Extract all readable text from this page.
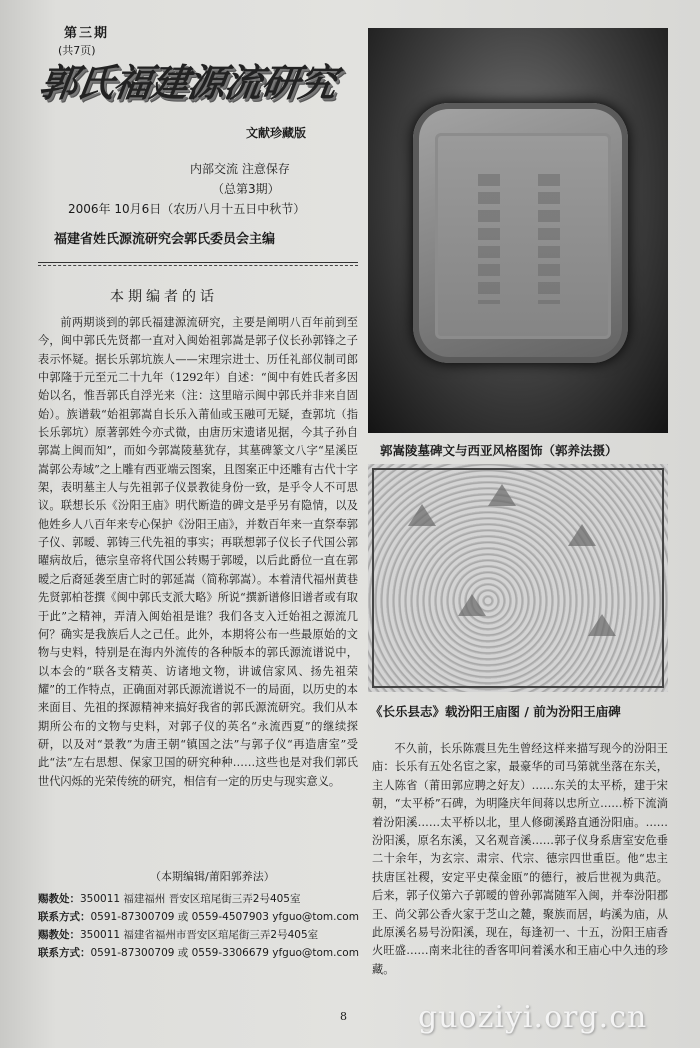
第三期
(共7页)
郭氏福建源流研究
文献珍藏版
内部交流 注意保存
（总第3期）
2006年 10月6日（农历八月十五日中秋节）
福建省姓氏源流研究会郭氏委员会主编
本期编者的话

前两期谈到的郭氏福建源流研究，主要是阐明八百年前到至今，闽中郭氏先贤都一直对入闽始祖郭嵩是郭子仪长孙郭锋之子表示怀疑。据长乐郭坑族人——宋理宗进士、历任礼部仪制司郎中郭隆于元至元二十九年（1292年）自述：“闽中有姓氏者多因始以名，惟吾郭氏自浮光来（注：这里暗示闽中郭氏并非来自固始）。族谱载“始祖郭嵩自长乐入莆仙或玉融可无疑，查郭坑（指长乐郭坑）原著郭姓今亦式微，由唐历宋遗诸见据，今其子孙自郭嵩上闽而知”，而如今郭嵩陵墓犹存，其墓碑篆文八字“星溪臣嵩郭公寿域”之上雕有西亚端云图案，且图案正中还雕有古代十字架，表明墓主人与先祖郭子仪景教徒身份一致，是乎令人不可思议。联想长乐《汾阳王庙》明代断造的碑文是乎另有隐情，以及他姓乡人八百年来专心保护《汾阳王庙》，并数百年来一直祭奉郭子仪、郭暧、郭铸三代先祖的事实；再联想郭子仪长子代国公郭曜病故后，德宗皇帝将代国公转赐于郭暧，以后此爵位一直在郭暧之后裔延袭至唐亡时的郭延嵩（简称郭嵩）。本着清代福州黄巷先贤郭柏苍撰《闽中郭氏支派大略》所说“撰新谱修旧谱者或有取于此”之精神，弄清入闽始祖是谁？我们各支入迁始祖之源流几何？确实是我族后人之己任。此外，本期将公布一些最原始的文物与史料，特别是在海内外流传的各种版本的郭氏源流谱说中，以本会的“联各支精英、访诸地文物，讲诚信家风、扬先祖荣耀”的工作特点，正确面对郭氏源流谱说不一的局面，以历史的本来面目、先祖的探源精神来搞好我省的郭氏源流研究。我们从本期所公布的文物与史料，对郭子仪的英名“永流西夏”的继续探研，以及对“景教”为唐王朝“镇国之法”与郭子仪“再造唐室”受此“法”左右思想、保家卫国的研究种种……这些也是对我们郭氏世代闪烁的光荣传统的研究，相信有一定的历史与现实意义。

（本期编辑/莆阳郭养法）
赐教处：350011 福建福州 晋安区琯尾街三弄2号405室
联系方式：0591-87300709 或 0559-4507903 yfguo@tom.com
赐教处：350011 福建省福州市晋安区琯尾街三弄2号405室
联系方式：0591-87300709 或 0559-3306679 yfguo@tom.com
郭嵩陵墓碑文与西亚风格图饰（郭养法摄）
《长乐县志》载汾阳王庙图 / 前为汾阳王庙碑

不久前，长乐陈震旦先生曾经这样来描写现今的汾阳王庙：长乐有五处名宦之家，最豪华的司马第就坐落在东关，主人陈省（莆田郭应聘之好友）……东关的太平桥，建于宋朝，“太平桥”石碑，为明隆庆年间蒋以忠所立……桥下流淌着汾阳溪……太平桥以北，里人修砌溪路直通汾阳庙。……汾阳溪，原名东溪，又名观音溪……郭子仪身系唐室安危垂二十余年，为玄宗、肃宗、代宗、德宗四世重臣。他“忠主扶唐匡社稷，安定平史葆金瓯”的德行，被后世视为典范。后来，郭子仪第六子郭暧的曾孙郭嵩随军入闽，并奉汾阳郡王、尚父郭公香火家于芝山之麓，聚族而居，屿溪为庙，从此原溪名易号汾阳溪，现在，每逢初一、十五，汾阳王庙香火旺盛……南来北往的香客叩问着溪水和王庙心中久违的珍藏。

8 guoziyi.org.cn
